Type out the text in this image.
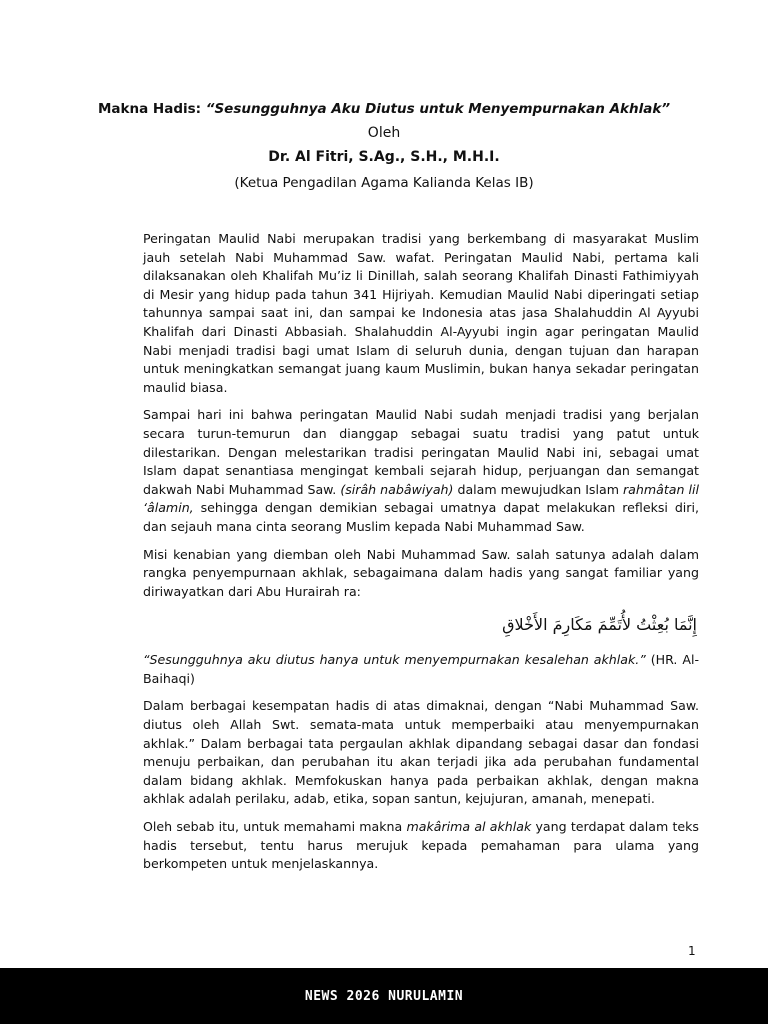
Makna Hadis: “Sesungguhnya Aku Diutus untuk Menyempurnakan Akhlak”

Oleh

Dr. Al Fitri, S.Ag., S.H., M.H.I.

(Ketua Pengadilan Agama Kalianda Kelas IB)

Peringatan Maulid Nabi merupakan tradisi yang berkembang di masyarakat Muslim jauh setelah Nabi Muhammad Saw. wafat. Peringatan Maulid Nabi, pertama kali dilaksanakan oleh Khalifah Mu’iz li Dinillah, salah seorang Khalifah Dinasti Fathimiyyah di Mesir yang hidup pada tahun 341 Hijriyah. Kemudian Maulid Nabi diperingati setiap tahunnya sampai saat ini, dan sampai ke Indonesia atas jasa Shalahuddin Al Ayyubi Khalifah dari Dinasti Abbasiah. Shalahuddin Al-Ayyubi ingin agar peringatan Maulid Nabi menjadi tradisi bagi umat Islam di seluruh dunia, dengan tujuan dan harapan untuk meningkatkan semangat juang kaum Muslimin, bukan hanya sekadar peringatan maulid biasa.

Sampai hari ini bahwa peringatan Maulid Nabi sudah menjadi tradisi yang berjalan secara turun-temurun dan dianggap sebagai suatu tradisi yang patut untuk dilestarikan. Dengan melestarikan tradisi peringatan Maulid Nabi ini, sebagai umat Islam dapat senantiasa mengingat kembali sejarah hidup, perjuangan dan semangat dakwah Nabi Muhammad Saw. (sirâh nabâwiyah) dalam mewujudkan Islam rahmâtan lil ‘âlamin, sehingga dengan demikian sebagai umatnya dapat melakukan refleksi diri, dan sejauh mana cinta seorang Muslim kepada Nabi Muhammad Saw.

Misi kenabian yang diemban oleh Nabi Muhammad Saw. salah satunya adalah dalam rangka penyempurnaan akhlak, sebagaimana dalam hadis yang sangat familiar yang diriwayatkan dari Abu Hurairah ra:

إِنَّمَا بُعِثْتُ لأُتَمِّمَ مَكَارِمَ الأَخْلاقِ

“Sesungguhnya aku diutus hanya untuk menyempurnakan kesalehan akhlak.” (HR. Al-Baihaqi)

Dalam berbagai kesempatan hadis di atas dimaknai, dengan “Nabi Muhammad Saw. diutus oleh Allah Swt. semata-mata untuk memperbaiki atau menyempurnakan akhlak.” Dalam berbagai tata pergaulan akhlak dipandang sebagai dasar dan fondasi menuju perbaikan, dan perubahan itu akan terjadi jika ada perubahan fundamental dalam bidang akhlak. Memfokuskan hanya pada perbaikan akhlak, dengan makna akhlak adalah perilaku, adab, etika, sopan santun, kejujuran, amanah, menepati.

Oleh sebab itu, untuk memahami makna makârima al akhlak yang terdapat dalam teks hadis tersebut, tentu harus merujuk kepada pemahaman para ulama yang berkompeten untuk menjelaskannya.

1
NEWS 2026 NURULAMIN
